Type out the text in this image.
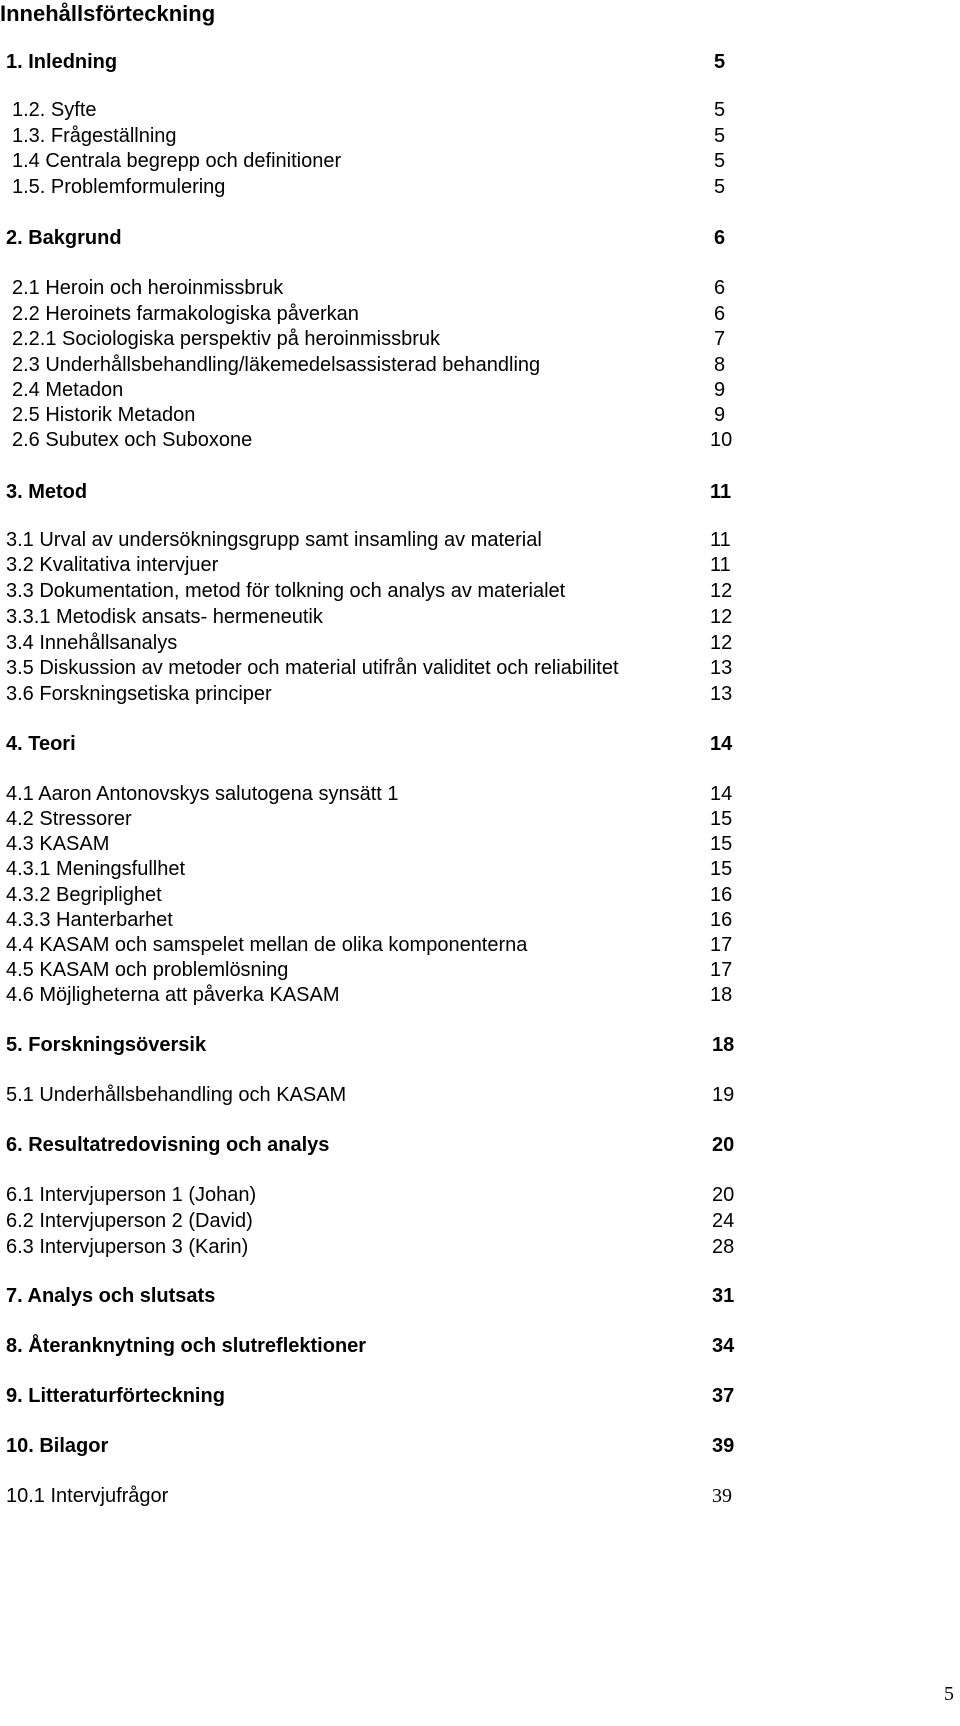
Innehållsförteckning
1. Inledning	5
1.2. Syfte	5
1.3. Frågeställning	5
1.4 Centrala begrepp och definitioner	5
1.5. Problemformulering	5
2. Bakgrund	6
2.1 Heroin och heroinmissbruk	6
2.2 Heroinets farmakologiska påverkan	6
2.2.1 Sociologiska perspektiv på heroinmissbruk	7
2.3 Underhållsbehandling/läkemedelsassisterad behandling	8
2.4 Metadon	9
2.5 Historik Metadon	9
2.6 Subutex och Suboxone	10
3. Metod	11
3.1 Urval av undersökningsgrupp samt insamling av material	11
3.2 Kvalitativa intervjuer	11
3.3 Dokumentation, metod för tolkning och analys av materialet	12
3.3.1 Metodisk ansats- hermeneutik	12
3.4 Innehållsanalys	12
3.5 Diskussion av metoder och material utifrån validitet och reliabilitet	13
3.6 Forskningsetiska principer	13
4. Teori	14
4.1 Aaron Antonovskys salutogena synsätt 1	14
4.2 Stressorer	15
4.3 KASAM	15
4.3.1 Meningsfullhet	15
4.3.2 Begriplighet	16
4.3.3 Hanterbarhet	16
4.4 KASAM och samspelet mellan de olika komponenterna	17
4.5 KASAM och problemlösning	17
4.6 Möjligheterna att påverka KASAM	18
5. Forskningsöversik	18
5.1 Underhållsbehandling och KASAM	19
6. Resultatredovisning och analys	20
6.1 Intervjuperson 1 (Johan)	20
6.2 Intervjuperson 2 (David)	24
6.3 Intervjuperson 3 (Karin)	28
7. Analys och slutsats	31
8. Återanknytning och slutreflektioner	34
9. Litteraturförteckning	37
10. Bilagor	39
10.1 Intervjufrågor	39
5
